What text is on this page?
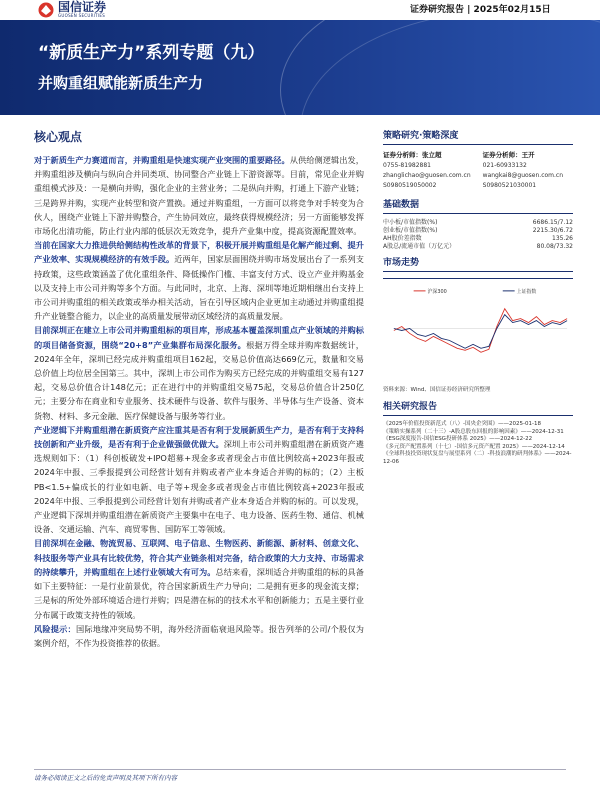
国信证券
GUOSEN SECURITIES
证券研究报告 | 2025年02月15日
“新质生产力”系列专题（九）
并购重组赋能新质生产力
核心观点

对于新质生产力赛道而言，并购重组是快速实现产业突围的重要路径。从供给侧逻辑出发，并购重组涉及横向与纵向合并同类项、协同整合产业链上下游资源等。目前，常见企业并购重组模式涉及：一是横向并购，强化企业的主营业务；二是纵向并购，打通上下游产业链；三是跨界并购，实现产业转型和资产置换。通过并购重组，一方面可以将竞争对手转变为合伙人，围绕产业链上下游并购整合，产生协同效应，最终获得规模经济；另一方面能够发挥市场化出清功能，防止行业内部的低层次无效竞争，提升产业集中度，提高资源配置效率。

当前在国家大力推进供给侧结构性改革的背景下，积极开展并购重组是化解产能过剩、提升产业效率、实现规模经济的有效手段。近两年，国家层面围绕并购市场发展出台了一系列支持政策，这些政策涵盖了优化重组条件、降低操作门槛、丰富支付方式、设立产业并购基金以及支持上市公司并购等多个方面。与此同时，北京、上海、深圳等地近期相继出台支持上市公司并购重组的相关政策或举办相关活动，旨在引导区域内企业更加主动通过并购重组提升产业链整合能力，以企业的高质量发展带动区域经济的高质量发展。

目前深圳正在建立上市公司并购重组标的项目库，形成基本覆盖深圳重点产业领域的并购标的项目储备资源，围绕“20+8”产业集群布局深化服务。根据万得全球并购库数据统计，2024年全年，深圳已经完成并购重组项目162起，交易总价值高达669亿元，数量和交易总价值上均位居全国第三。其中，深圳上市公司作为购买方已经完成的并购重组交易有127起，交易总价值合计148亿元；正在进行中的并购重组交易75起，交易总价值合计250亿元；主要分布在商业和专业服务、技术硬件与设备、软件与服务、半导体与生产设备、资本货物、材料、多元金融、医疗保健设备与服务等行业。

产业逻辑下并购重组潜在新质资产应注重其是否有利于发展新质生产力，是否有利于支持科技创新和产业升级，是否有利于企业做强做优做大。深圳上市公司并购重组潜在新质资产遴选规则如下：（1）科创板破发+IPO超募+现金多或者现金占市值比例较高+2023年报或2024年中报、三季报提到公司经营计划有并购或者产业本身适合并购的标的；（2）主板PB<1.5+偏成长的行业如电新、电子等+现金多或者现金占市值比例较高+2023年报或2024年中报、三季报提到公司经营计划有并购或者产业本身适合并购的标的。可以发现，产业逻辑下深圳并购重组潜在新质资产主要集中在电子、电力设备、医药生物、通信、机械设备、交通运输、汽车、商贸零售、国防军工等领域。

目前深圳在金融、物流贸易、互联网、电子信息、生物医药、新能源、新材料、创意文化、科技服务等产业具有比较优势，符合其产业链条相对完备，结合政策的大力支持、市场需求的持续攀升，并购重组在上述行业领域大有可为。总结来看，深圳适合并购重组的标的具备如下主要特征：一是行业前景优，符合国家新质生产力导向；二是拥有更多的现金流支撑；三是标的所处外部环境适合进行并购；四是潜在标的的技术水平和创新能力；五是主要行业分布属于政策支持性的领域。

风险提示：国际地缘冲突局势不明，海外经济面临衰退风险等。报告列举的公司/个股仅为案例介绍，不作为投资推荐的依据。

策略研究·策略深度
证券分析师：张立超
0755-81982881
zhanglichao@guosen.com.cn
S0980519050002
证券分析师：王开
021-60933132
wangkai8@guosen.com.cn
S0980521030001
基础数据
中小板/市值指数(%)	6686.15/7.12
创业板/市值指数(%)	2215.30/6.72
AH股价差指数	135.26
A股总/流通市值（万亿元）	80.08/73.32
市场走势
沪深300	上证指数
资料来源：Wind、国信证券经济研究所整理
相关研究报告
《2025年价值投资新范式（八）-国央企突围》——2025-01-18
《策略实操系列（二十三）-A股总股东回报的影响因素》——2024-12-31
《ESG深度报告-国信ESG投研体系 2025》——2024-12-22
《多元资产配置系列（十七）-国信多元资产配置 2025》——2024-12-14
《全球科技投资现状复盘与展望系列（二）-科技浪潮的研判体系》——2024-12-06
请务必阅读正文之后的免责声明及其项下所有内容
